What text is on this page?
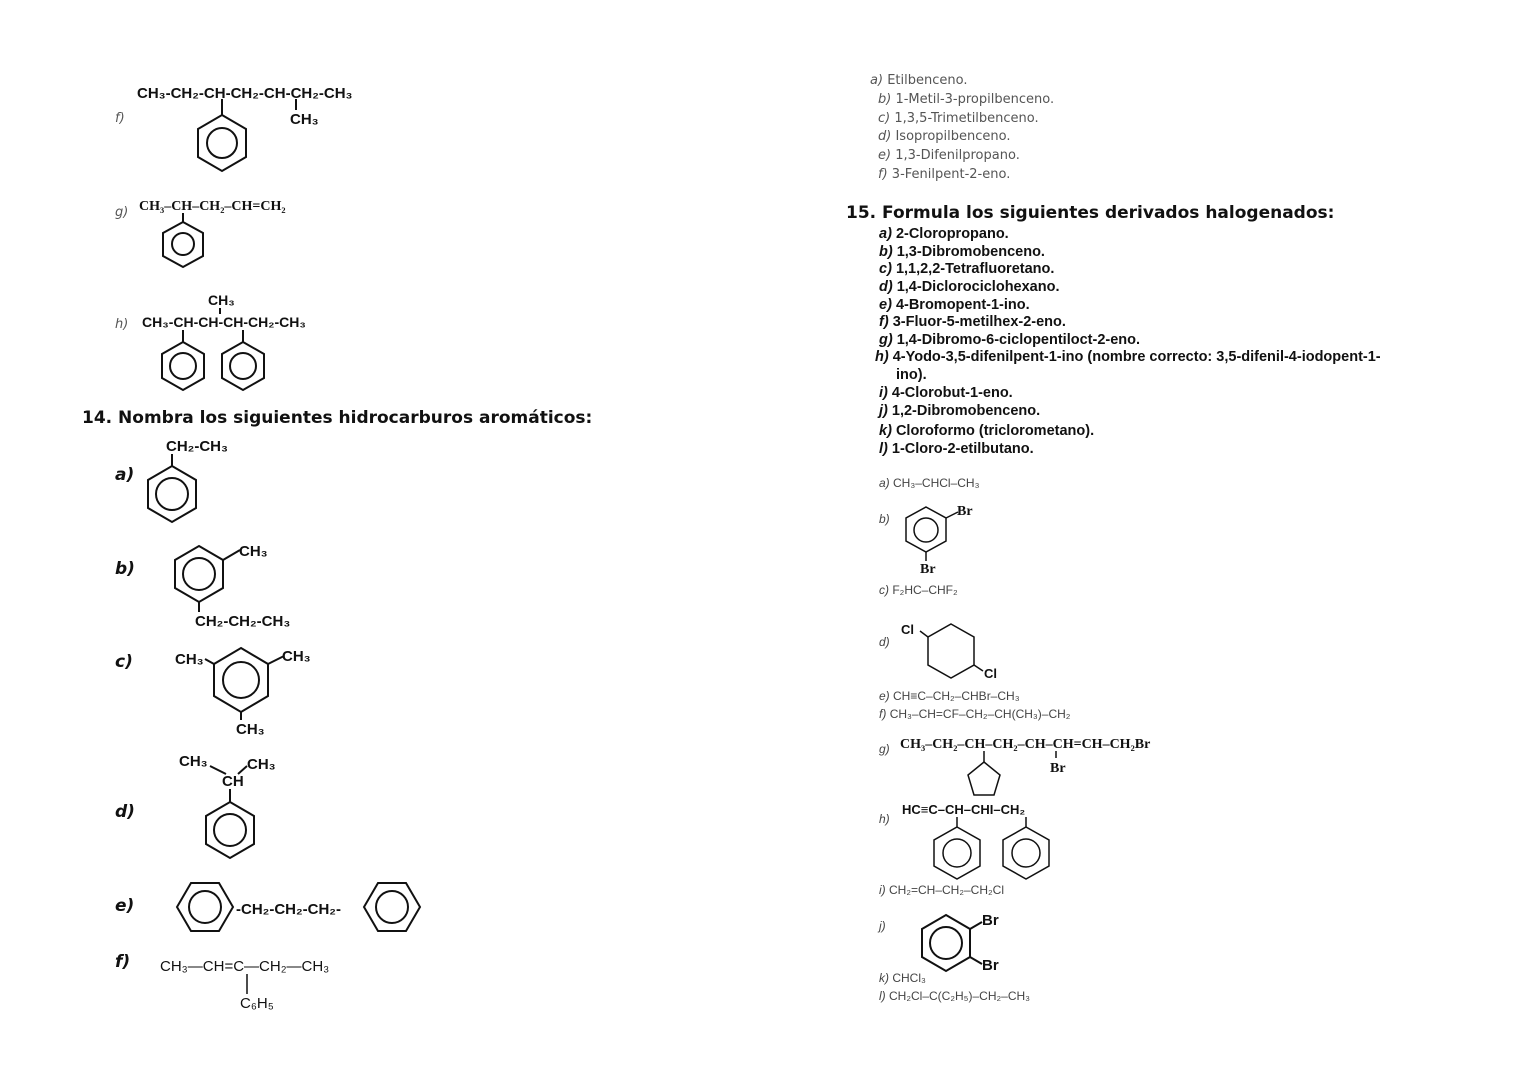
f)
CH₃-CH₂-CH-CH₂-CH-CH₂-CH₃
CH₃
g) CH₃–CH–CH₂–CH=CH₂
h)
CH₃
CH₃-CH-CH-CH-CH₂-CH₃
14. Nombra los siguientes hidrocarburos aromáticos:
a)
CH₂-CH₃
b)
CH₃
CH₂-CH₂-CH₃
c)	CH₃	CH₃
CH₃
d)
CH₃	CH₃
CH
e)	-CH₂-CH₂-CH₂-
f) CH₃—CH=C—CH₂—CH₃
C₆H₅
a) Etilbenceno.
b) 1-Metil-3-propilbenceno.
c) 1,3,5-Trimetilbenceno.
d) Isopropilbenceno.
e) 1,3-Difenilpropano.
f) 3-Fenilpent-2-eno.
15. Formula los siguientes derivados halogenados:
a) 2-Cloropropano.
b) 1,3-Dibromobenceno.
c) 1,1,2,2-Tetrafluoretano.
d) 1,4-Diclorociclohexano.
e) 4-Bromopent-1-ino.
f) 3-Fluor-5-metilhex-2-eno.
g) 1,4-Dibromo-6-ciclopentiloct-2-eno.
h) 4-Yodo-3,5-difenilpent-1-ino (nombre correcto: 3,5-difenil-4-iodopent-1-
ino).
i) 4-Clorobut-1-eno.
j) 1,2-Dibromobenceno.
k) Cloroformo (triclorometano).
l) 1-Cloro-2-etilbutano.
a) CH₃–CHCl–CH₃
b)	Br
Br
c) F₂HC–CHF₂
d)
Cl
Cl
e) CH≡C–CH₂–CHBr–CH₃
f) CH₃–CH=CF–CH₂–CH(CH₃)–CH₂
g) CH₃–CH₂–CH–CH₂–CH–CH=CH–CH₂Br
Br
h)
HC≡C–CH–CHI–CH₂
i) CH₂=CH–CH₂–CH₂Cl
j)	Br
Br
k) CHCl₃
l) CH₂Cl–C(C₂H₅)–CH₂–CH₃
